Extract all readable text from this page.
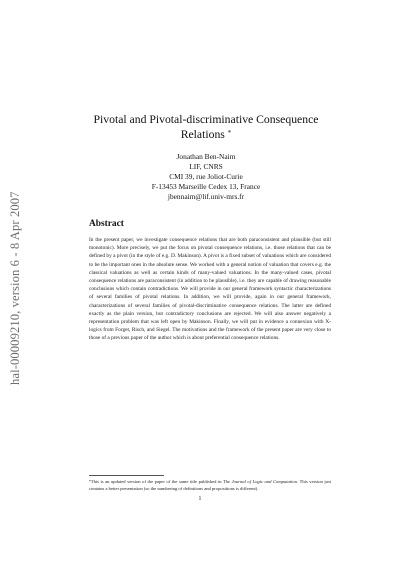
hal-00009210, version 6 - 8 Apr 2007
Pivotal and Pivotal-discriminative Consequence
Relations *
Jonathan Ben-Naim
LIF, CNRS
CMI 39, rue Joliot-Curie
F-13453 Marseille Cedex 13, France
jbennaim@lif.univ-mrs.fr
Abstract
In the present paper, we investigate consequence relations that are both paraconsistent and plausible (but still monotonic). More precisely, we put the focus on pivotal consequence relations, i.e. those relations that can be defined by a pivot (in the style of e.g. D. Makinson). A pivot is a fixed subset of valuations which are considered to be the important ones in the absolute sense. We worked with a general notion of valuation that covers e.g. the classical valuations as well as certain kinds of many-valued valuations. In the many-valued cases, pivotal consequence relations are paraconsistent (in addition to be plausible), i.e. they are capable of drawing reasonable conclusions which contain contradictions. We will provide in our general framework syntactic characterizations of several families of pivotal relations. In addition, we will provide, again in our general framework, characterizations of several families of pivotal-discriminative consequence relations. The latter are defined exactly as the plain version, but contradictory conclusions are rejected. We will also answer negatively a representation problem that was left open by Makinson. Finally, we will put in evidence a connexion with X-logics from Forget, Risch, and Siegel. The motivations and the framework of the present paper are very close to those of a previous paper of the author which is about preferential consequence relations.
*This is an updated version of the paper of the same title published in The Journal of Logic and Computation. This version just contains a better presentation (so the numbering of definitions and propositions is different).
1
